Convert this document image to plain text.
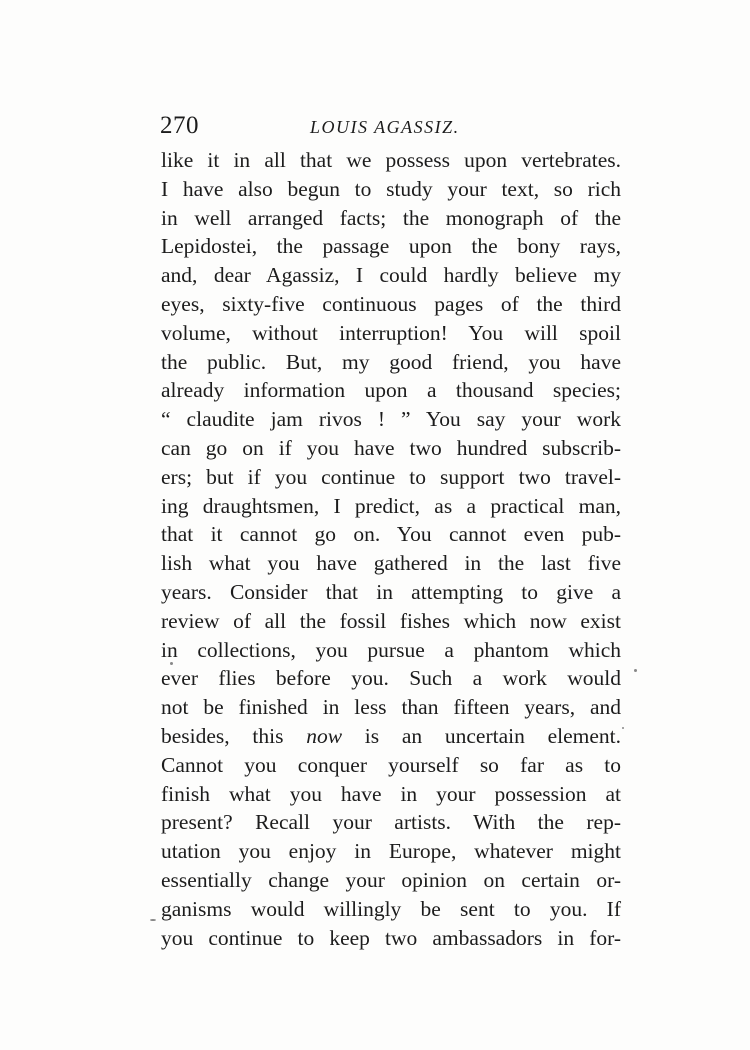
270	LOUIS AGASSIZ.
like it in all that we possess upon vertebrates.
I have also begun to study your text, so rich
in well arranged facts; the monograph of the
Lepidostei, the passage upon the bony rays,
and, dear Agassiz, I could hardly believe my
eyes, sixty-five continuous pages of the third
volume, without interruption! You will spoil
the public. But, my good friend, you have
already information upon a thousand species;
“ claudite jam rivos ! ” You say your work
can go on if you have two hundred subscrib-
ers; but if you continue to support two travel-
ing draughtsmen, I predict, as a practical man,
that it cannot go on. You cannot even pub-
lish what you have gathered in the last five
years. Consider that in attempting to give a
review of all the fossil fishes which now exist
in collections, you pursue a phantom which
ever flies before you. Such a work would
not be finished in less than fifteen years, and
besides, this now is an uncertain element.
Cannot you conquer yourself so far as to
finish what you have in your possession at
present? Recall your artists. With the rep-
utation you enjoy in Europe, whatever might
essentially change your opinion on certain or-
ganisms would willingly be sent to you. If
you continue to keep two ambassadors in for-
